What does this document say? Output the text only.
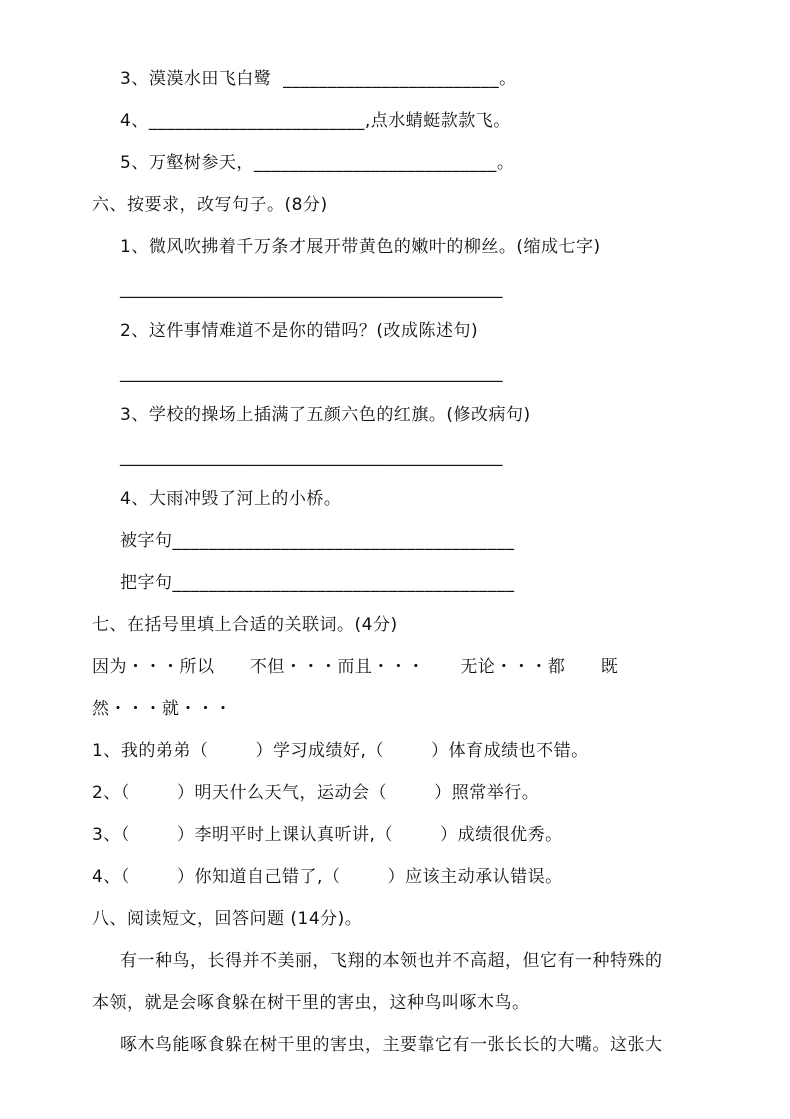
3、漠漠水田飞白鹭  ________________________。
4、________________________,点水蜻蜓款款飞。
5、万壑树参天，___________________________。
六、按要求，改写句子。(8分)
1、微风吹拂着千万条才展开带黄色的嫩叶的柳丝。(缩成七字)
_____________________________________________
2、这件事情难道不是你的错吗？(改成陈述句)
_____________________________________________
3、学校的操场上插满了五颜六色的红旗。(修改病句)
_____________________________________________
4、大雨冲毁了河上的小桥。
被字句______________________________________
把字句______________________________________
七、在括号里填上合适的关联词。(4分)
因为・・・所以      不但・・・而且・・・      无论・・・都      既
然・・・就・・・
1、我的弟弟（        ）学习成绩好,（        ）体育成绩也不错。
2、（        ）明天什么天气，运动会（        ）照常举行。
3、（        ）李明平时上课认真听讲,（        ）成绩很优秀。
4、（        ）你知道自己错了,（        ）应该主动承认错误。
八、阅读短文，回答问题 (14分)。
有一种鸟，长得并不美丽，飞翔的本领也并不高超，但它有一种特殊的
本领，就是会啄食躲在树干里的害虫，这种鸟叫啄木鸟。
啄木鸟能啄食躲在树干里的害虫，主要靠它有一张长长的大嘴。这张大
